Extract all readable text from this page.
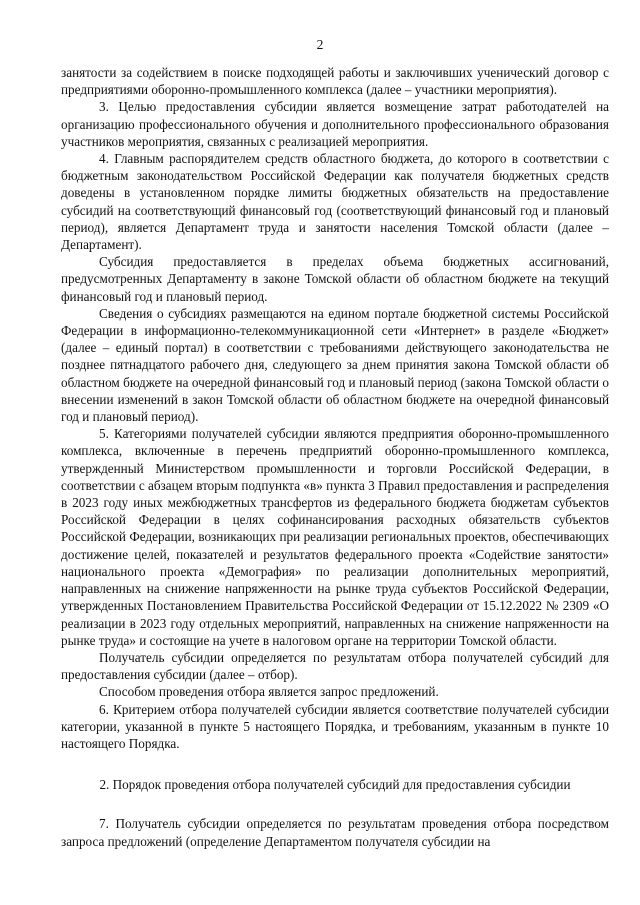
2

занятости за содействием в поиске подходящей работы и заключивших ученический договор с предприятиями оборонно-промышленного комплекса (далее – участники мероприятия).

3. Целью предоставления субсидии является возмещение затрат работодателей на организацию профессионального обучения и дополнительного профессионального образования участников мероприятия, связанных с реализацией мероприятия.

4. Главным распорядителем средств областного бюджета, до которого в соответствии с бюджетным законодательством Российской Федерации как получателя бюджетных средств доведены в установленном порядке лимиты бюджетных обязательств на предоставление субсидий на соответствующий финансовый год (соответствующий финансовый год и плановый период), является Департамент труда и занятости населения Томской области (далее – Департамент).

Субсидия предоставляется в пределах объема бюджетных ассигнований, предусмотренных Департаменту в законе Томской области об областном бюджете на текущий финансовый год и плановый период.

Сведения о субсидиях размещаются на едином портале бюджетной системы Российской Федерации в информационно-телекоммуникационной сети «Интернет» в разделе «Бюджет» (далее – единый портал) в соответствии с требованиями действующего законодательства не позднее пятнадцатого рабочего дня, следующего за днем принятия закона Томской области об областном бюджете на очередной финансовый год и плановый период (закона Томской области о внесении изменений в закон Томской области об областном бюджете на очередной финансовый год и плановый период).

5. Категориями получателей субсидии являются предприятия оборонно-промышленного комплекса, включенные в перечень предприятий оборонно-промышленного комплекса, утвержденный Министерством промышленности и торговли Российской Федерации, в соответствии с абзацем вторым подпункта «в» пункта 3 Правил предоставления и распределения в 2023 году иных межбюджетных трансфертов из федерального бюджета бюджетам субъектов Российской Федерации в целях софинансирования расходных обязательств субъектов Российской Федерации, возникающих при реализации региональных проектов, обеспечивающих достижение целей, показателей и результатов федерального проекта «Содействие занятости» национального проекта «Демография» по реализации дополнительных мероприятий, направленных на снижение напряженности на рынке труда субъектов Российской Федерации, утвержденных Постановлением Правительства Российской Федерации от 15.12.2022 № 2309 «О реализации в 2023 году отдельных мероприятий, направленных на снижение напряженности на рынке труда» и состоящие на учете в налоговом органе на территории Томской области.

Получатель субсидии определяется по результатам отбора получателей субсидий для предоставления субсидии (далее – отбор).

Способом проведения отбора является запрос предложений.

6. Критерием отбора получателей субсидии является соответствие получателей субсидии категории, указанной в пункте 5 настоящего Порядка, и требованиям, указанным в пункте 10 настоящего Порядка.

2. Порядок проведения отбора получателей субсидий для предоставления субсидии

7. Получатель субсидии определяется по результатам проведения отбора посредством запроса предложений (определение Департаментом получателя субсидии на
